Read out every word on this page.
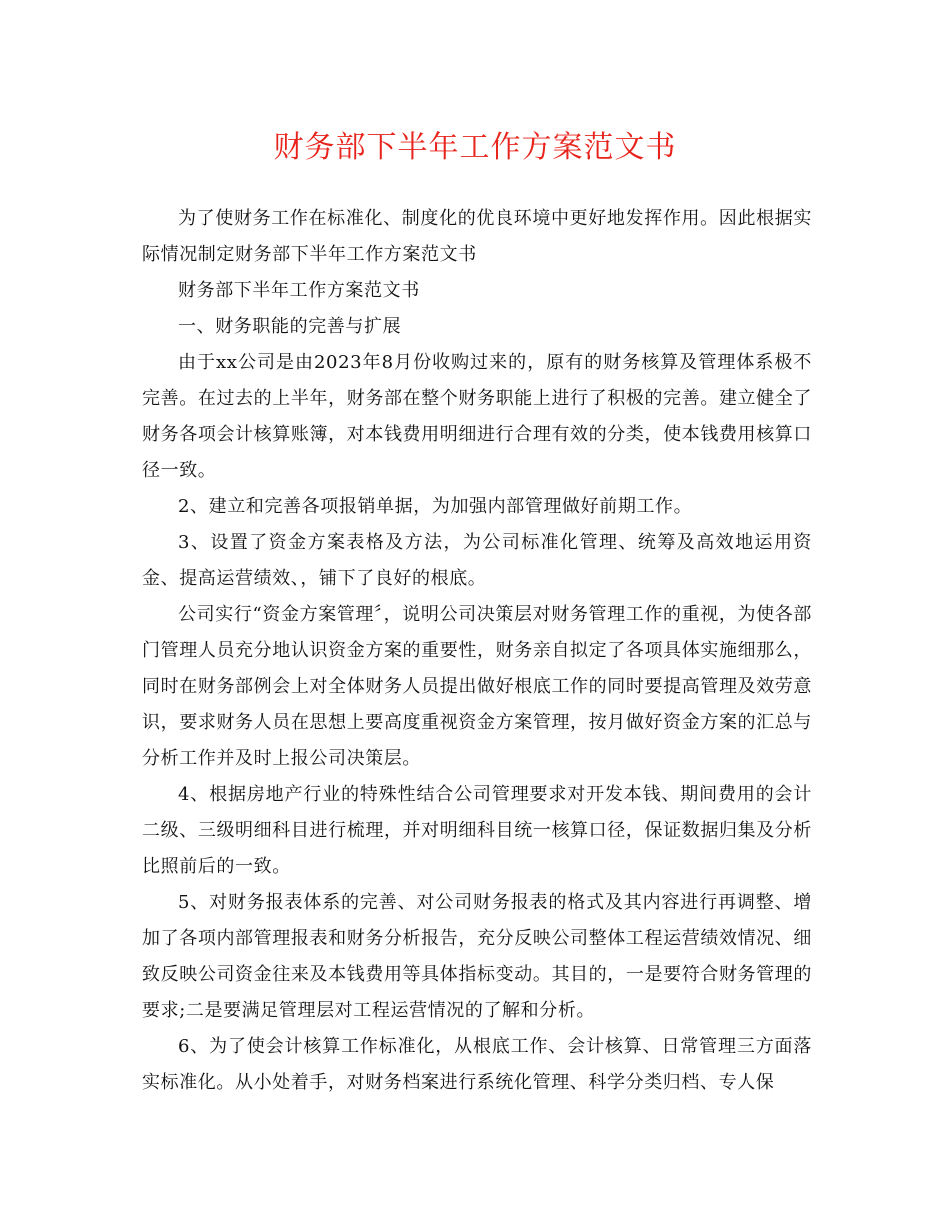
财务部下半年工作方案范文书

为了使财务工作在标准化、制度化的优良环境中更好地发挥作用。因此根据实际情况制定财务部下半年工作方案范文书

财务部下半年工作方案范文书

一、财务职能的完善与扩展

由于xx公司是由2023年8月份收购过来的，原有的财务核算及管理体系极不完善。在过去的上半年，财务部在整个财务职能上进行了积极的完善。建立健全了财务各项会计核算账簿，对本钱费用明细进行合理有效的分类，使本钱费用核算口径一致。

2、建立和完善各项报销单据，为加强内部管理做好前期工作。

3、设置了资金方案表格及方法，为公司标准化管理、统筹及高效地运用资金、提高运营绩效、，铺下了良好的根底。

公司实行“资金方案管理〞，说明公司决策层对财务管理工作的重视，为使各部门管理人员充分地认识资金方案的重要性，财务亲自拟定了各项具体实施细那么，同时在财务部例会上对全体财务人员提出做好根底工作的同时要提高管理及效劳意识，要求财务人员在思想上要高度重视资金方案管理，按月做好资金方案的汇总与分析工作并及时上报公司决策层。

4、根据房地产行业的特殊性结合公司管理要求对开发本钱、期间费用的会计二级、三级明细科目进行梳理，并对明细科目统一核算口径，保证数据归集及分析比照前后的一致。

5、对财务报表体系的完善、对公司财务报表的格式及其内容进行再调整、增加了各项内部管理报表和财务分析报告，充分反映公司整体工程运营绩效情况、细致反映公司资金往来及本钱费用等具体指标变动。其目的，一是要符合财务管理的要求;二是要满足管理层对工程运营情况的了解和分析。

6、为了使会计核算工作标准化，从根底工作、会计核算、日常管理三方面落实标准化。从小处着手，对财务档案进行系统化管理、科学分类归档、专人保
